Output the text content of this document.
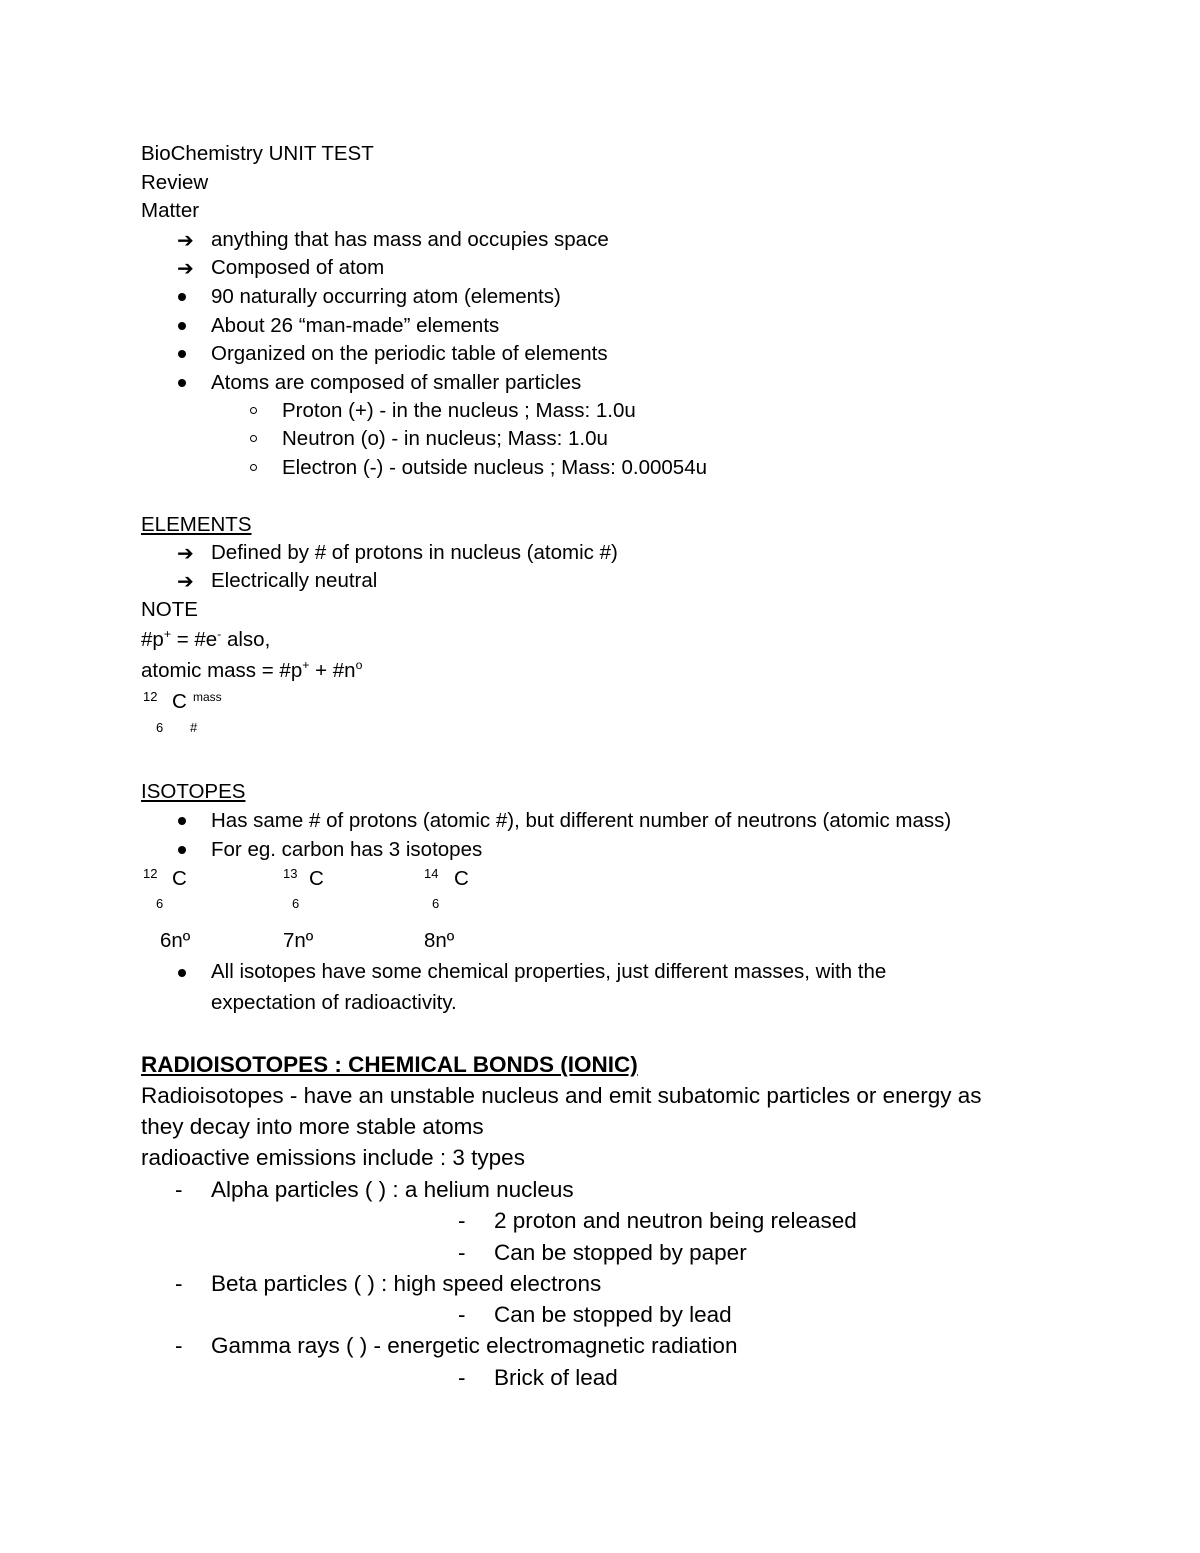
BioChemistry UNIT TEST
Review
Matter
➔ anything that has mass and occupies space
➔ Composed of atom
90 naturally occurring atom (elements)
About 26 “man-made” elements
Organized on the periodic table of elements
Atoms are composed of smaller particles
Proton (+) - in the nucleus ; Mass: 1.0u
Neutron (o) - in nucleus; Mass: 1.0u
Electron (-) - outside nucleus ; Mass: 0.00054u
ELEMENTS
➔ Defined by # of protons in nucleus (atomic #)
➔ Electrically neutral
NOTE
#p+ = #e- also,
atomic mass = #p+ + $\#n^o$
12 C mass
6 #
ISOTOPES
Has same # of protons (atomic #), but different number of neutrons (atomic mass)
For eg. carbon has 3 isotopes
12 C
6
6nº
13 C
6
7nº
14 C
6
8nº
All isotopes have some chemical properties, just different masses, with the
expectation of radioactivity.
RADIOISOTOPES : CHEMICAL BONDS (IONIC)
Radioisotopes - have an unstable nucleus and emit subatomic particles or energy as
they decay into more stable atoms
radioactive emissions include : 3 types
- Alpha particles ( ) : a helium nucleus
- 2 proton and neutron being released
- Can be stopped by paper
- Beta particles ( ) : high speed electrons
- Can be stopped by lead
- Gamma rays ( ) - energetic electromagnetic radiation
- Brick of lead
